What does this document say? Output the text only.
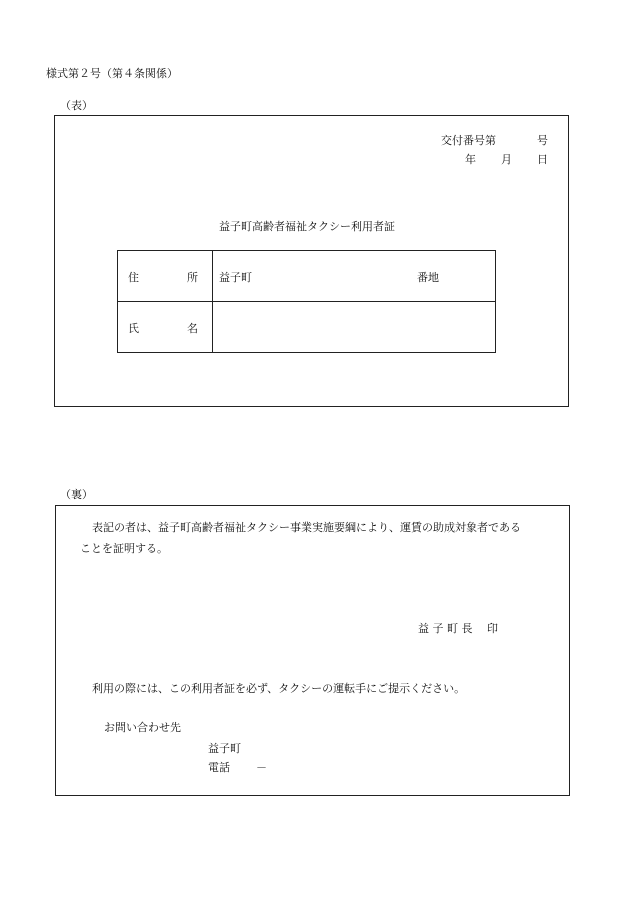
様式第２号（第４条関係）
（表）
交付番号第	号
年 月 日
益子町高齢者福祉タクシー利用者証
住 所	益子町 番地

氏 名	

（裏）
表記の者は、益子町高齢者福祉タクシー事業実施要綱により、運賃の助成対象者である
ことを証明する。
益 子 町 長　 印
利用の際には、この利用者証を必ず、タクシーの運転手にご提示ください。
お問い合わせ先
益子町
電話 －
